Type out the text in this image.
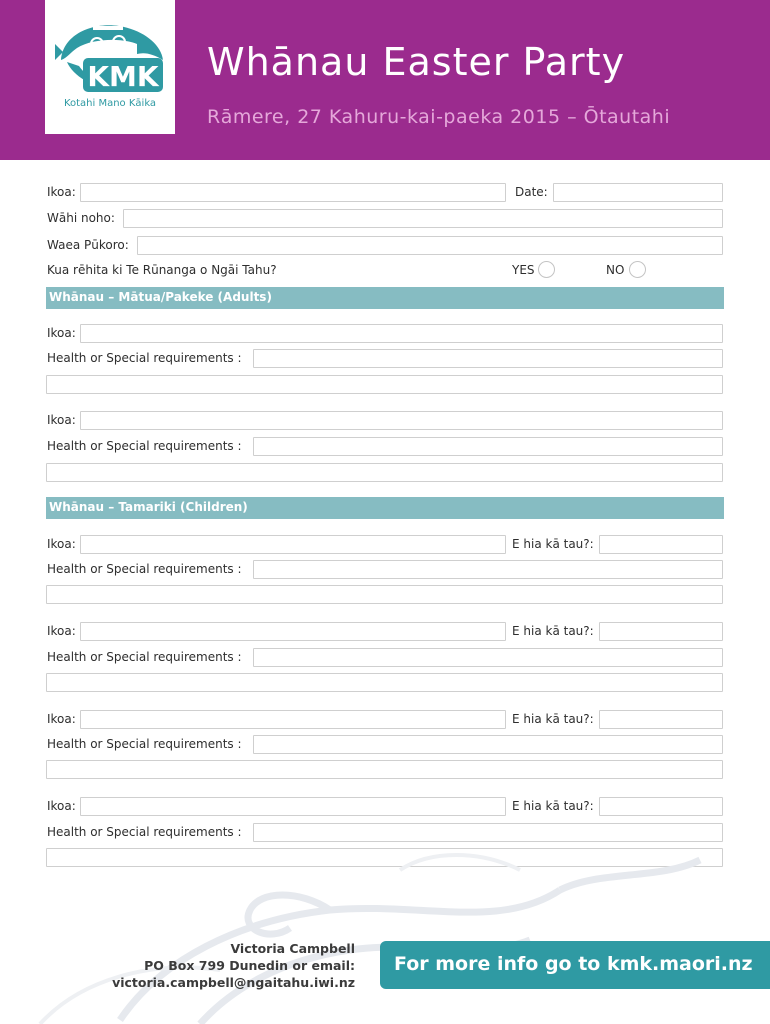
KMK
Kotahi Mano Kāika
Whānau Easter Party
Rāmere, 27 Kahuru-kai-paeka 2015 – Ōtautahi
Ikoa:	Date:
Wāhi noho:
Waea Pūkoro:
Kua rēhita ki Te Rūnanga o Ngāi Tahu?	YES	NO
Whānau – Mātua/Pakeke (Adults)
Ikoa:
Health or Special requirements :
Ikoa:
Health or Special requirements :
Whānau – Tamariki (Children)
Ikoa:	E hia kā tau?:
Health or Special requirements :
Ikoa:	E hia kā tau?:
Health or Special requirements :
Ikoa:	E hia kā tau?:
Health or Special requirements :
Ikoa:	E hia kā tau?:
Health or Special requirements :
Victoria Campbell
PO Box 799 Dunedin or email:
victoria.campbell@ngaitahu.iwi.nz
For more info go to kmk.maori.nz
